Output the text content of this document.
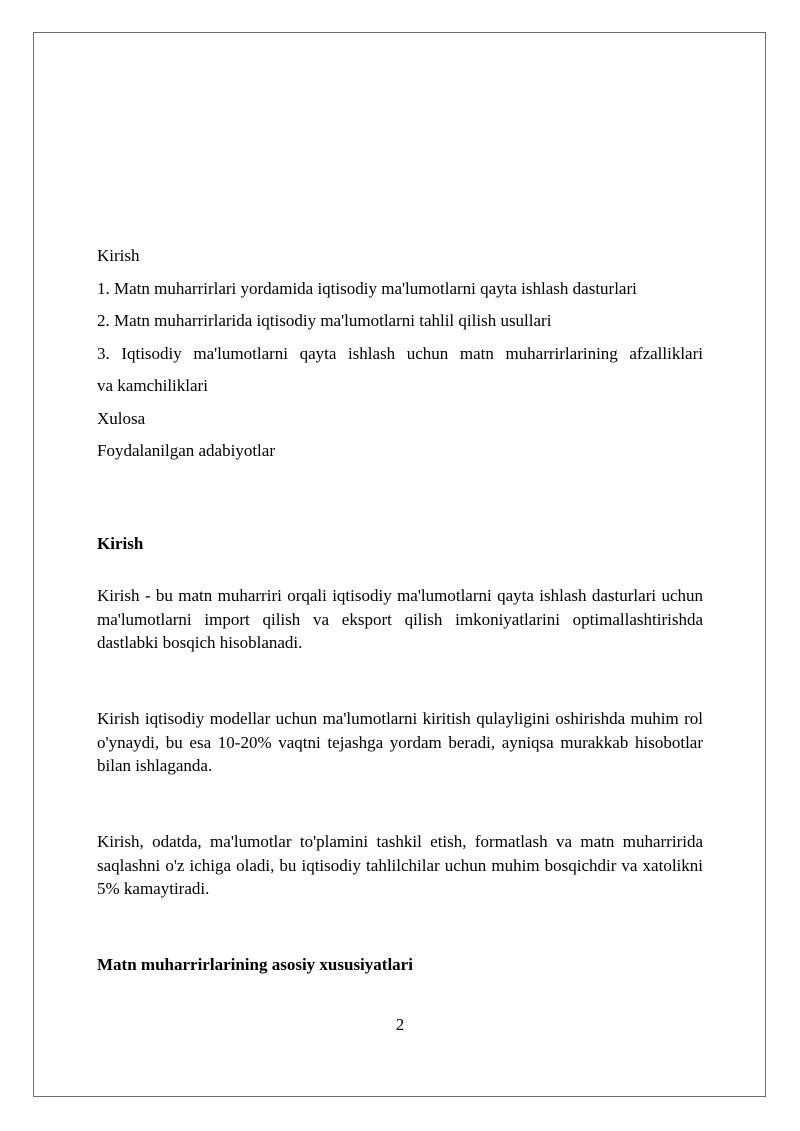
Kirish
1. Matn muharrirlari yordamida iqtisodiy ma'lumotlarni qayta ishlash dasturlari
2. Matn muharrirlarida iqtisodiy ma'lumotlarni tahlil qilish usullari
3. Iqtisodiy ma'lumotlarni qayta ishlash uchun matn muharrirlarining afzalliklari
va kamchiliklari
Xulosa
Foydalanilgan adabiyotlar
Kirish

Kirish - bu matn muharriri orqali iqtisodiy ma'lumotlarni qayta ishlash dasturlari uchun ma'lumotlarni import qilish va eksport qilish imkoniyatlarini optimallashtirishda dastlabki bosqich hisoblanadi.

Kirish iqtisodiy modellar uchun ma'lumotlarni kiritish qulayligini oshirishda muhim rol o'ynaydi, bu esa 10-20% vaqtni tejashga yordam beradi, ayniqsa murakkab hisobotlar bilan ishlaganda.

Kirish, odatda, ma'lumotlar to'plamini tashkil etish, formatlash va matn muharririda saqlashni o'z ichiga oladi, bu iqtisodiy tahlilchilar uchun muhim bosqichdir va xatolikni 5% kamaytiradi.

Matn muharrirlarining asosiy xususiyatlari
2
